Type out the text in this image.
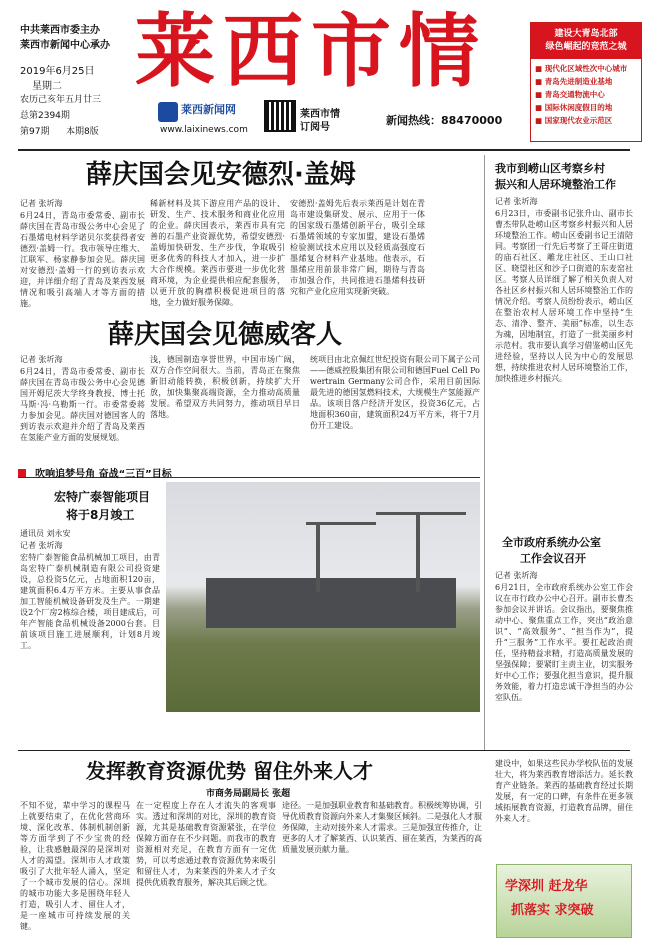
中共莱西市委主办
莱西市新闻中心承办
2019年6月25日
星期二
农历己亥年五月廿三
总第2394期
第97期 本期8版
莱西市情
莱西新闻网
www.laixinews.com
莱西市情
订阅号
新闻热线：88470000
建设大青岛北部
绿色崛起的竞范之城
■ 现代化区域性次中心城市
■ 青岛先进制造业基地
■ 青岛交通物流中心
■ 国际休闲度假目的地
■ 国家现代农业示范区
薛庆国会见安德烈·盖姆
记者 张圻海
6月24日，青岛市委常委、副市长薛庆国在青岛市级公务中心会见了石墨烯电材料学诺贝尔奖获得者安德烈·盖姆一行。我市领导庄维大、江联军、杨家静参加会见。薛庆国对安德烈·盖姆一行的到访表示欢迎，并详细介绍了青岛及莱西发展情况和吸引高端人才等方面的措施。
稀新材料及其下游应用产品的设计、研发、生产、技术服务和商业化应用的企业。薛庆国表示，莱西市具有完善的石墨产业资源优势，希望安德烈·盖姆加快研发、生产步伐，争取吸引更多优秀的科技人才加入，进一步扩大合作规模。莱西市要进一步优化营商环境，为企业提供相应配套服务，以更开放的胸襟积极促进项目的落地，全力做好服务保障。
安德烈·盖姆先后表示莱西是计划在青岛市建设集研发、展示、应用于一体的国家级石墨烯创新平台，吸引全球石墨烯领域的专家加盟，建设石墨烯检验测试技术应用以及轻质高强度石墨烯复合材料产业基地。他表示，石墨烯应用前景非常广阔，期待与青岛市加强合作，共同推进石墨烯科技研究和产业化应用实现新突破。
薛庆国会见德威客人
记者 张圻海
6月24日，青岛市委常委、副市长薛庆国在青岛市级公务中心会见德国开姆尼茨大学终身教授、博士托马斯·冯·乌勒斯一行。市委常委蒋力参加会见。薛庆国对德国客人的到访表示欢迎并介绍了青岛及莱西在氢能产业方面的发展规划。
浅，德国制造享誉世界，中国市场广阔，双方合作空间很大。当前，青岛正在聚焦新旧动能转换，积极创新，持续扩大开放，加快集聚高端资源，全力推动高质量发展。希望双方共同努力，推动项目早日落地。
统项目由北京佩红世纪投资有限公司下属子公司——德威控股集团有限公司和德国Fuel Cell Powertrain Germany公司合作，采用目前国际最先进的德国氢燃料技术，大规模生产氢能源产品。该项目落户经济开发区，投资36亿元，占地面积360亩，建筑面积24万平方米，将于7月份开工建设。
吹响追梦号角 奋战“三百”目标
宏特广泰智能项目
将于8月竣工
通讯员 刘永安
记者 张圻海
宏特广泰智能食品机械加工项目，由青岛宏特广泰机械制造有限公司投资建设，总投资5亿元，占地面积120亩，建筑面积6.4万平方米。主要从事食品加工智能机械设备研发及生产。一期建设2个厂房2栋综合楼，项目建成后，可年产智能食品机械设备2000台套。目前该项目施工进展顺利，计划8月竣工。
我市到崂山区考察乡村
振兴和人居环境整治工作
记者 张圻海
6月23日，市委副书记张升山、副市长曹杰带队赴崂山区考察乡村振兴和人居环境整治工作。崂山区委副书记王清陪同。考察团一行先后考察了王哥庄街道的庙石社区、雕龙庄社区、王山口社区、晓望社区和沙子口街道的东麦窑社区。考察人员详细了解了相关负责人对各社区乡村振兴和人居环境整治工作的情况介绍。考察人员纷纷表示，崂山区在整治农村人居环境工作中坚持“生态、清净、整齐、美丽”标准，以生态为魂，因地制宜，打造了一批美丽乡村示范村。我市要认真学习借鉴崂山区先进经验，坚持以人民为中心的发展思想，持续推进农村人居环境整治工作，加快推进乡村振兴。
全市政府系统办公室
工作会议召开
记者 张圻海
6月21日，全市政府系统办公室工作会议在市行政办公中心召开。副市长曹杰参加会议并讲话。会议指出，要聚焦推动中心、聚焦重点工作，突出“政治意识”、“高效服务”、“担当作为”，提升“三服务”工作水平。要扛起政治责任，坚持精益求精，打造高质量发展的坚强保障；要紧盯主责主业，切实服务好中心工作；要强化担当意识，提升服务效能，着力打造忠诚干净担当的办公室队伍。
发挥教育资源优势 留住外来人才
市商务局副局长 张超
不知不觉，辈中学习的课程马上就要结束了，在优化营商环境、深化改革、体制机制创新等方面学到了不少宝贵的经验，让我感触最深的是深圳对人才的渴望。深圳市人才政策吸引了大批年轻人涌入，坚定了一个城市发展的信心。深圳的城市功能大多是围绕年轻人打造，吸引人才、留住人才，是一座城市可持续发展的关键。
在一定程度上存在人才流失的客观事实。透过和深圳的对比，深圳的教育资源，尤其是基础教育资源紧张，在学位保障方面存在不少问题。而我市的教育资源相对充足，在教育方面有一定优势，可以考虑通过教育资源优势来吸引和留住人才，为来莱西的外来人才子女提供优质教育服务，解决其后顾之忧。
途径。一是加强职业教育和基础教育。积极统筹协调，引导优质教育资源向外来人才集聚区倾斜。二是强化人才服务保障，主动对接外来人才需求。三是加强宣传推介，让更多的人才了解莱西、认识莱西、留在莱西，为莱西的高质量发展贡献力量。
建设中，如果这些民办学校队伍的发展壮大，将为莱西教育增添活力。延长教育产业链条。莱西的基础教育经过长期发展，有一定的口碑，有条件在更多领域拓展教育资源，打造教育品牌，留住外来人才。
学深圳 赶龙华
抓落实 求突破
